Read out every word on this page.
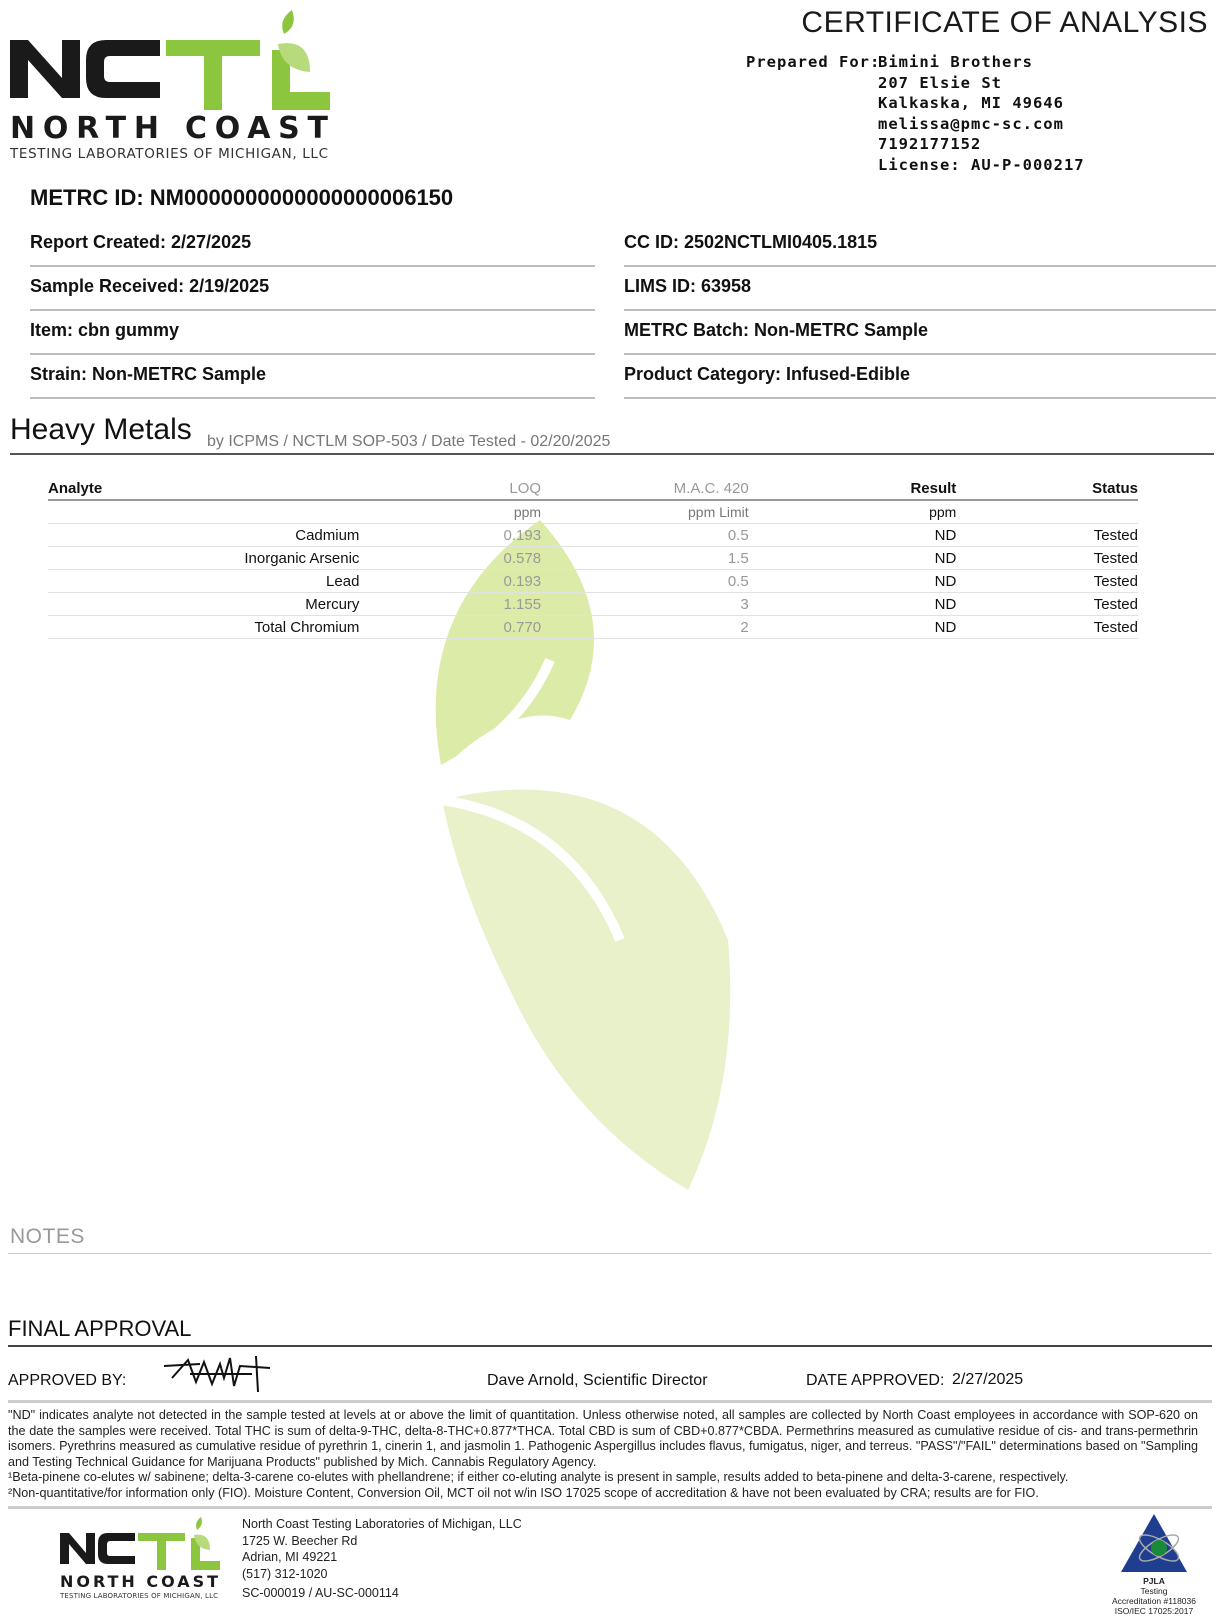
NORTH COAST
TESTING LABORATORIES OF MICHIGAN, LLC
CERTIFICATE OF ANALYSIS
Prepared For:
Bimini Brothers
207 Elsie St
Kalkaska, MI 49646
melissa@pmc-sc.com
7192177152
License: AU-P-000217
METRC ID: NM0000000000000000006150
Report Created: 2/27/2025	CC ID: 2502NCTLMI0405.1815
Sample Received: 2/19/2025	LIMS ID: 63958
Item: cbn gummy	METRC Batch: Non-METRC Sample
Strain: Non-METRC Sample	Product Category: Infused-Edible
Heavy Metals by ICPMS / NCTLM SOP-503 / Date Tested - 02/20/2025
Analyte	LOQ	M.A.C. 420	Result	Status
	ppm	ppm Limit	ppm	
Cadmium	0.193	0.5	ND	Tested
Inorganic Arsenic	0.578	1.5	ND	Tested
Lead	0.193	0.5	ND	Tested
Mercury	1.155	3	ND	Tested
Total Chromium	0.770	2	ND	Tested
NOTES
FINAL APPROVAL
APPROVED BY:	Dave Arnold, Scientific Director	DATE APPROVED: 2/27/2025
"ND" indicates analyte not detected in the sample tested at levels at or above the limit of quantitation. Unless otherwise noted, all samples are collected by North Coast employees in accordance with SOP-620 on the date the samples were received. Total THC is sum of delta-9-THC, delta-8-THC+0.877*THCA. Total CBD is sum of CBD+0.877*CBDA. Permethrins measured as cumulative residue of cis- and trans-permethrin isomers. Pyrethrins measured as cumulative residue of pyrethrin 1, cinerin 1, and jasmolin 1. Pathogenic Aspergillus includes flavus, fumigatus, niger, and terreus. "PASS"/"FAIL" determinations based on "Sampling and Testing Technical Guidance for Marijuana Products" published by Mich. Cannabis Regulatory Agency.
¹Beta-pinene co-elutes w/ sabinene; delta-3-carene co-elutes with phellandrene; if either co-eluting analyte is present in sample, results added to beta-pinene and delta-3-carene, respectively.
²Non-quantitative/for information only (FIO). Moisture Content, Conversion Oil, MCT oil not w/in ISO 17025 scope of accreditation & have not been evaluated by CRA; results are for FIO.
NORTH COAST
TESTING LABORATORIES OF MICHIGAN, LLC
North Coast Testing Laboratories of Michigan, LLC
1725 W. Beecher Rd
Adrian, MI 49221
(517) 312-1020
SC-000019 / AU-SC-000114
PJLA
Testing
Accreditation #118036
ISO/IEC 17025:2017
